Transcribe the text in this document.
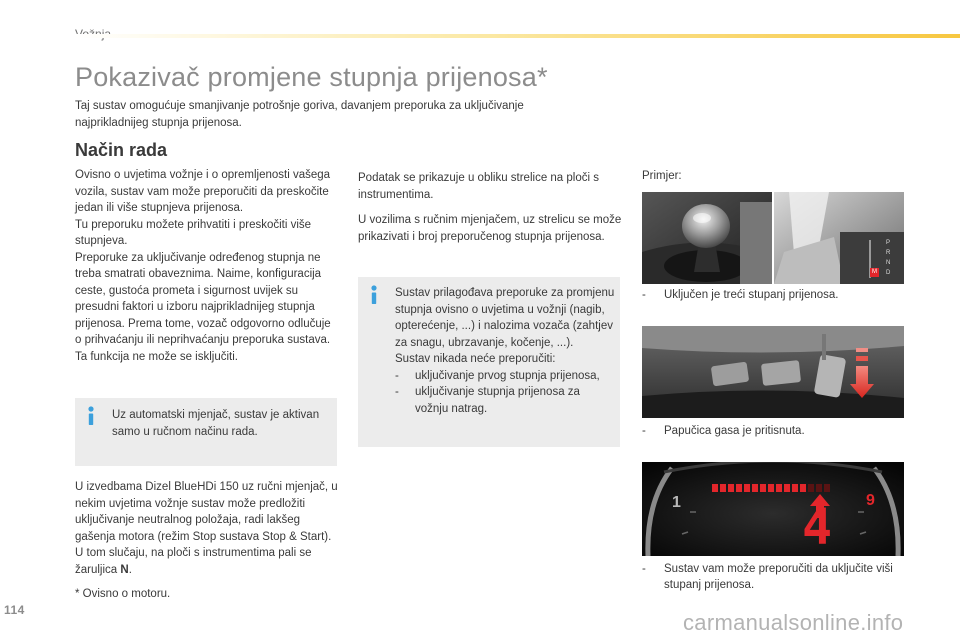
Pokazivač promjene stupnja prijenosa*

Taj sustav omogućuje smanjivanje potrošnje goriva, davanjem preporuka za uključivanje najprikladnijeg stupnja prijenosa.

Način rada

Ovisno o uvjetima vožnje i o opremljenosti vašega vozila, sustav vam može preporučiti da preskočite jedan ili više stupnjeva prijenosa.

Tu preporuku možete prihvatiti i preskočiti više stupnjeva.

Preporuke za uključivanje određenog stupnja ne treba smatrati obaveznima. Naime, konfiguracija ceste, gustoća prometa i sigurnost uvijek su presudni faktori u izboru najprikladnijeg stupnja prijenosa. Prema tome, vozač odgovorno odlučuje o prihvaćanju ili neprihvaćanju preporuka sustava.

Ta funkcija ne može se isključiti.

Uz automatski mjenjač, sustav je aktivan samo u ručnom načinu rada.

U izvedbama Dizel BlueHDi 150 uz ručni mjenjač, u nekim uvjetima vožnje sustav može predložiti uključivanje neutralnog položaja, radi lakšeg gašenja motora (režim Stop sustava Stop & Start). U tom slučaju, na ploči s instrumentima pali se žaruljica N.

* Ovisno o motoru.

Podatak se prikazuje u obliku strelice na ploči s instrumentima.

U vozilima s ručnim mjenjačem, uz strelicu se može prikazivati i broj preporučenog stupnja prijenosa.

Sustav prilagođava preporuke za promjenu stupnja ovisno o uvjetima u vožnji (nagib, opterećenje, ...) i nalozima vozača (zahtjev za snagu, ubrzavanje, kočenje, ...).

Sustav nikada neće preporučiti:

-	uključivanje prvog stupnja prijenosa,
-	uključivanje stupnja prijenosa za vožnju natrag.
Primjer:
P
R
N
D
M
-	Uključen je treći stupanj prijenosa.
-	Papučica gasa je pritisnuta.
1	9
4
-	Sustav vam može preporučiti da uključite viši stupanj prijenosa.
114	carmanualsonline.info
